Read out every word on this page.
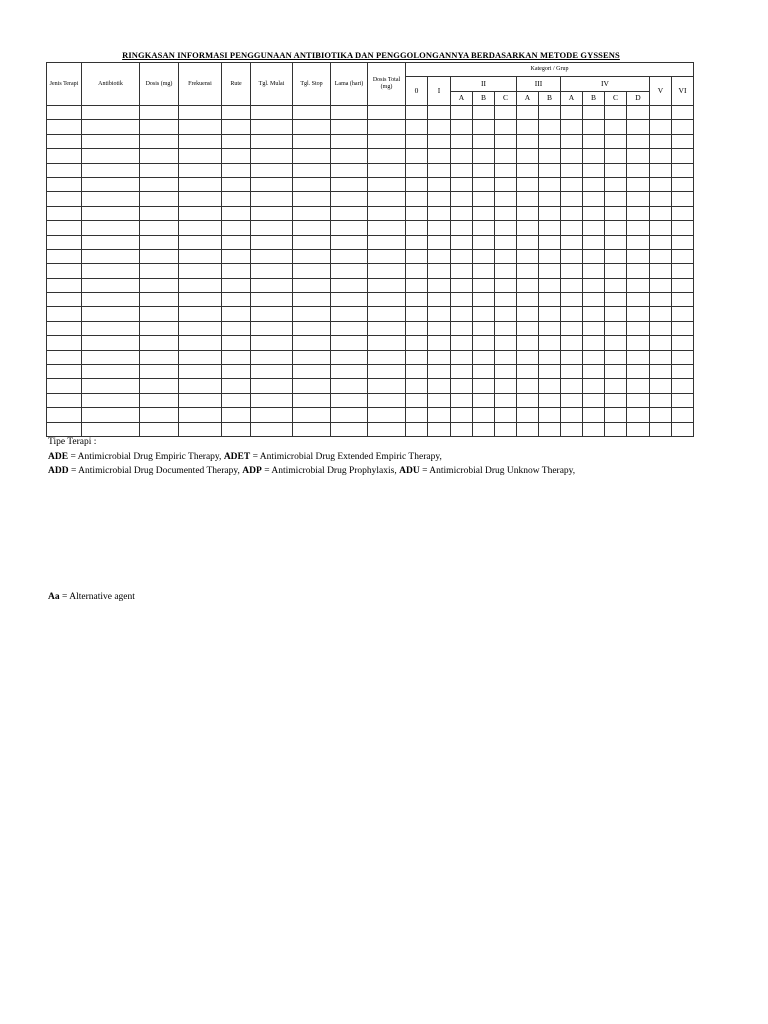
RINGKASAN INFORMASI PENGGUNAAN ANTIBIOTIKA DAN PENGGOLONGANNYA BERDASARKAN METODE GYSSENS
Jenis Terapi	Antibiotik	Dosis (mg)	Frekuensi	Rute	Tgl. Mulai	Tgl. Stop	Lama (hari)	Dosis Total (mg)	Kategori / Grup												
									0	I	II			III		IV				V	VI
											A	B	C	A	B	A	B	C	D		

Tipe Terapi :
ADE = Antimicrobial Drug Empiric Therapy, ADET = Antimicrobial Drug Extended Empiric Therapy,
ADD = Antimicrobial Drug Documented Therapy, ADP = Antimicrobial Drug Prophylaxis, ADU = Antimicrobial Drug Unknow Therapy,
Aa = Alternative agent
